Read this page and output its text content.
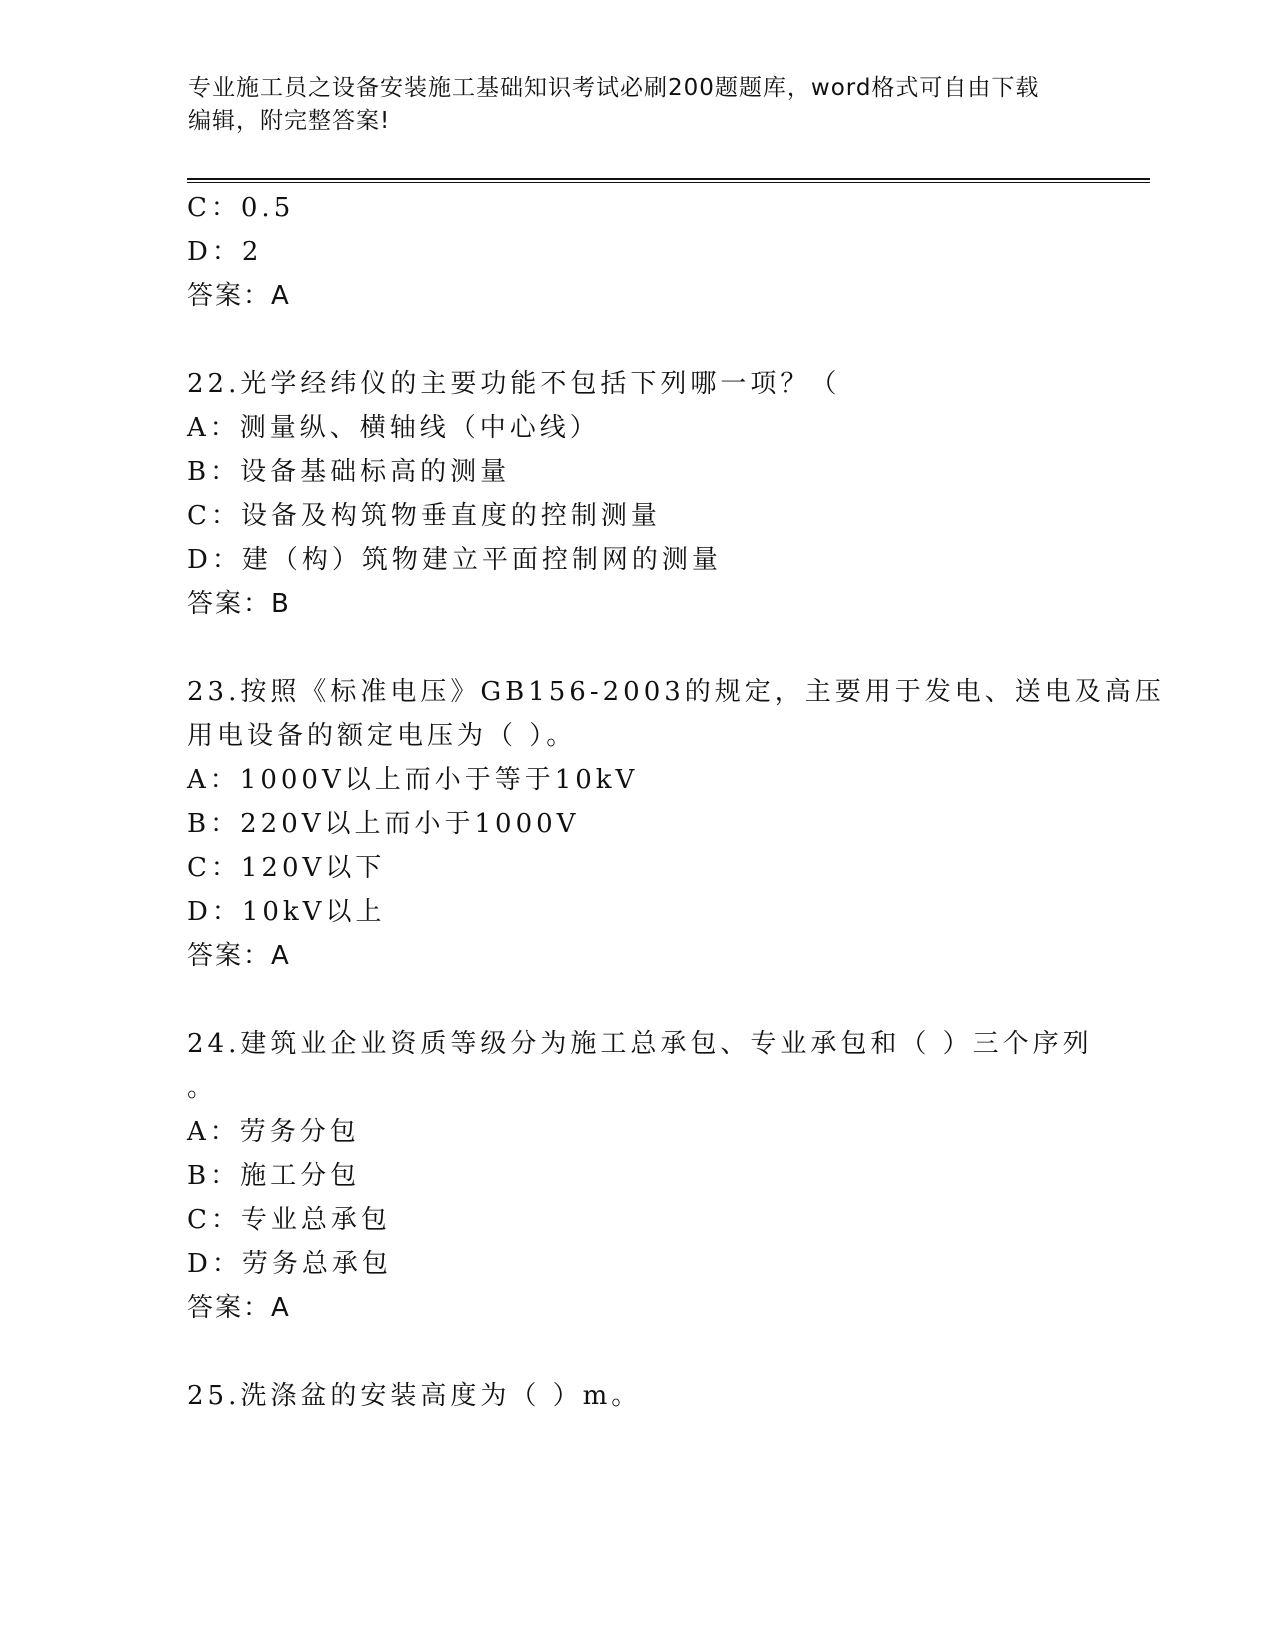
专业施工员之设备安装施工基础知识考试必刷200题题库，word格式可自由下载
编辑，附完整答案!
C：0.5
D：2
答案：A
22.光学经纬仪的主要功能不包括下列哪一项？（
A：测量纵、横轴线（中心线）
B：设备基础标高的测量
C：设备及构筑物垂直度的控制测量
D：建（构）筑物建立平面控制网的测量
答案：B
23.按照《标准电压》GB156-2003的规定，主要用于发电、送电及高压
用电设备的额定电压为（ ）。
A：1000V以上而小于等于10kV
B：220V以上而小于1000V
C：120V以下
D：10kV以上
答案：A
24.建筑业企业资质等级分为施工总承包、专业承包和（ ）三个序列
。
A：劳务分包
B：施工分包
C：专业总承包
D：劳务总承包
答案：A
25.洗涤盆的安装高度为（ ）m。
